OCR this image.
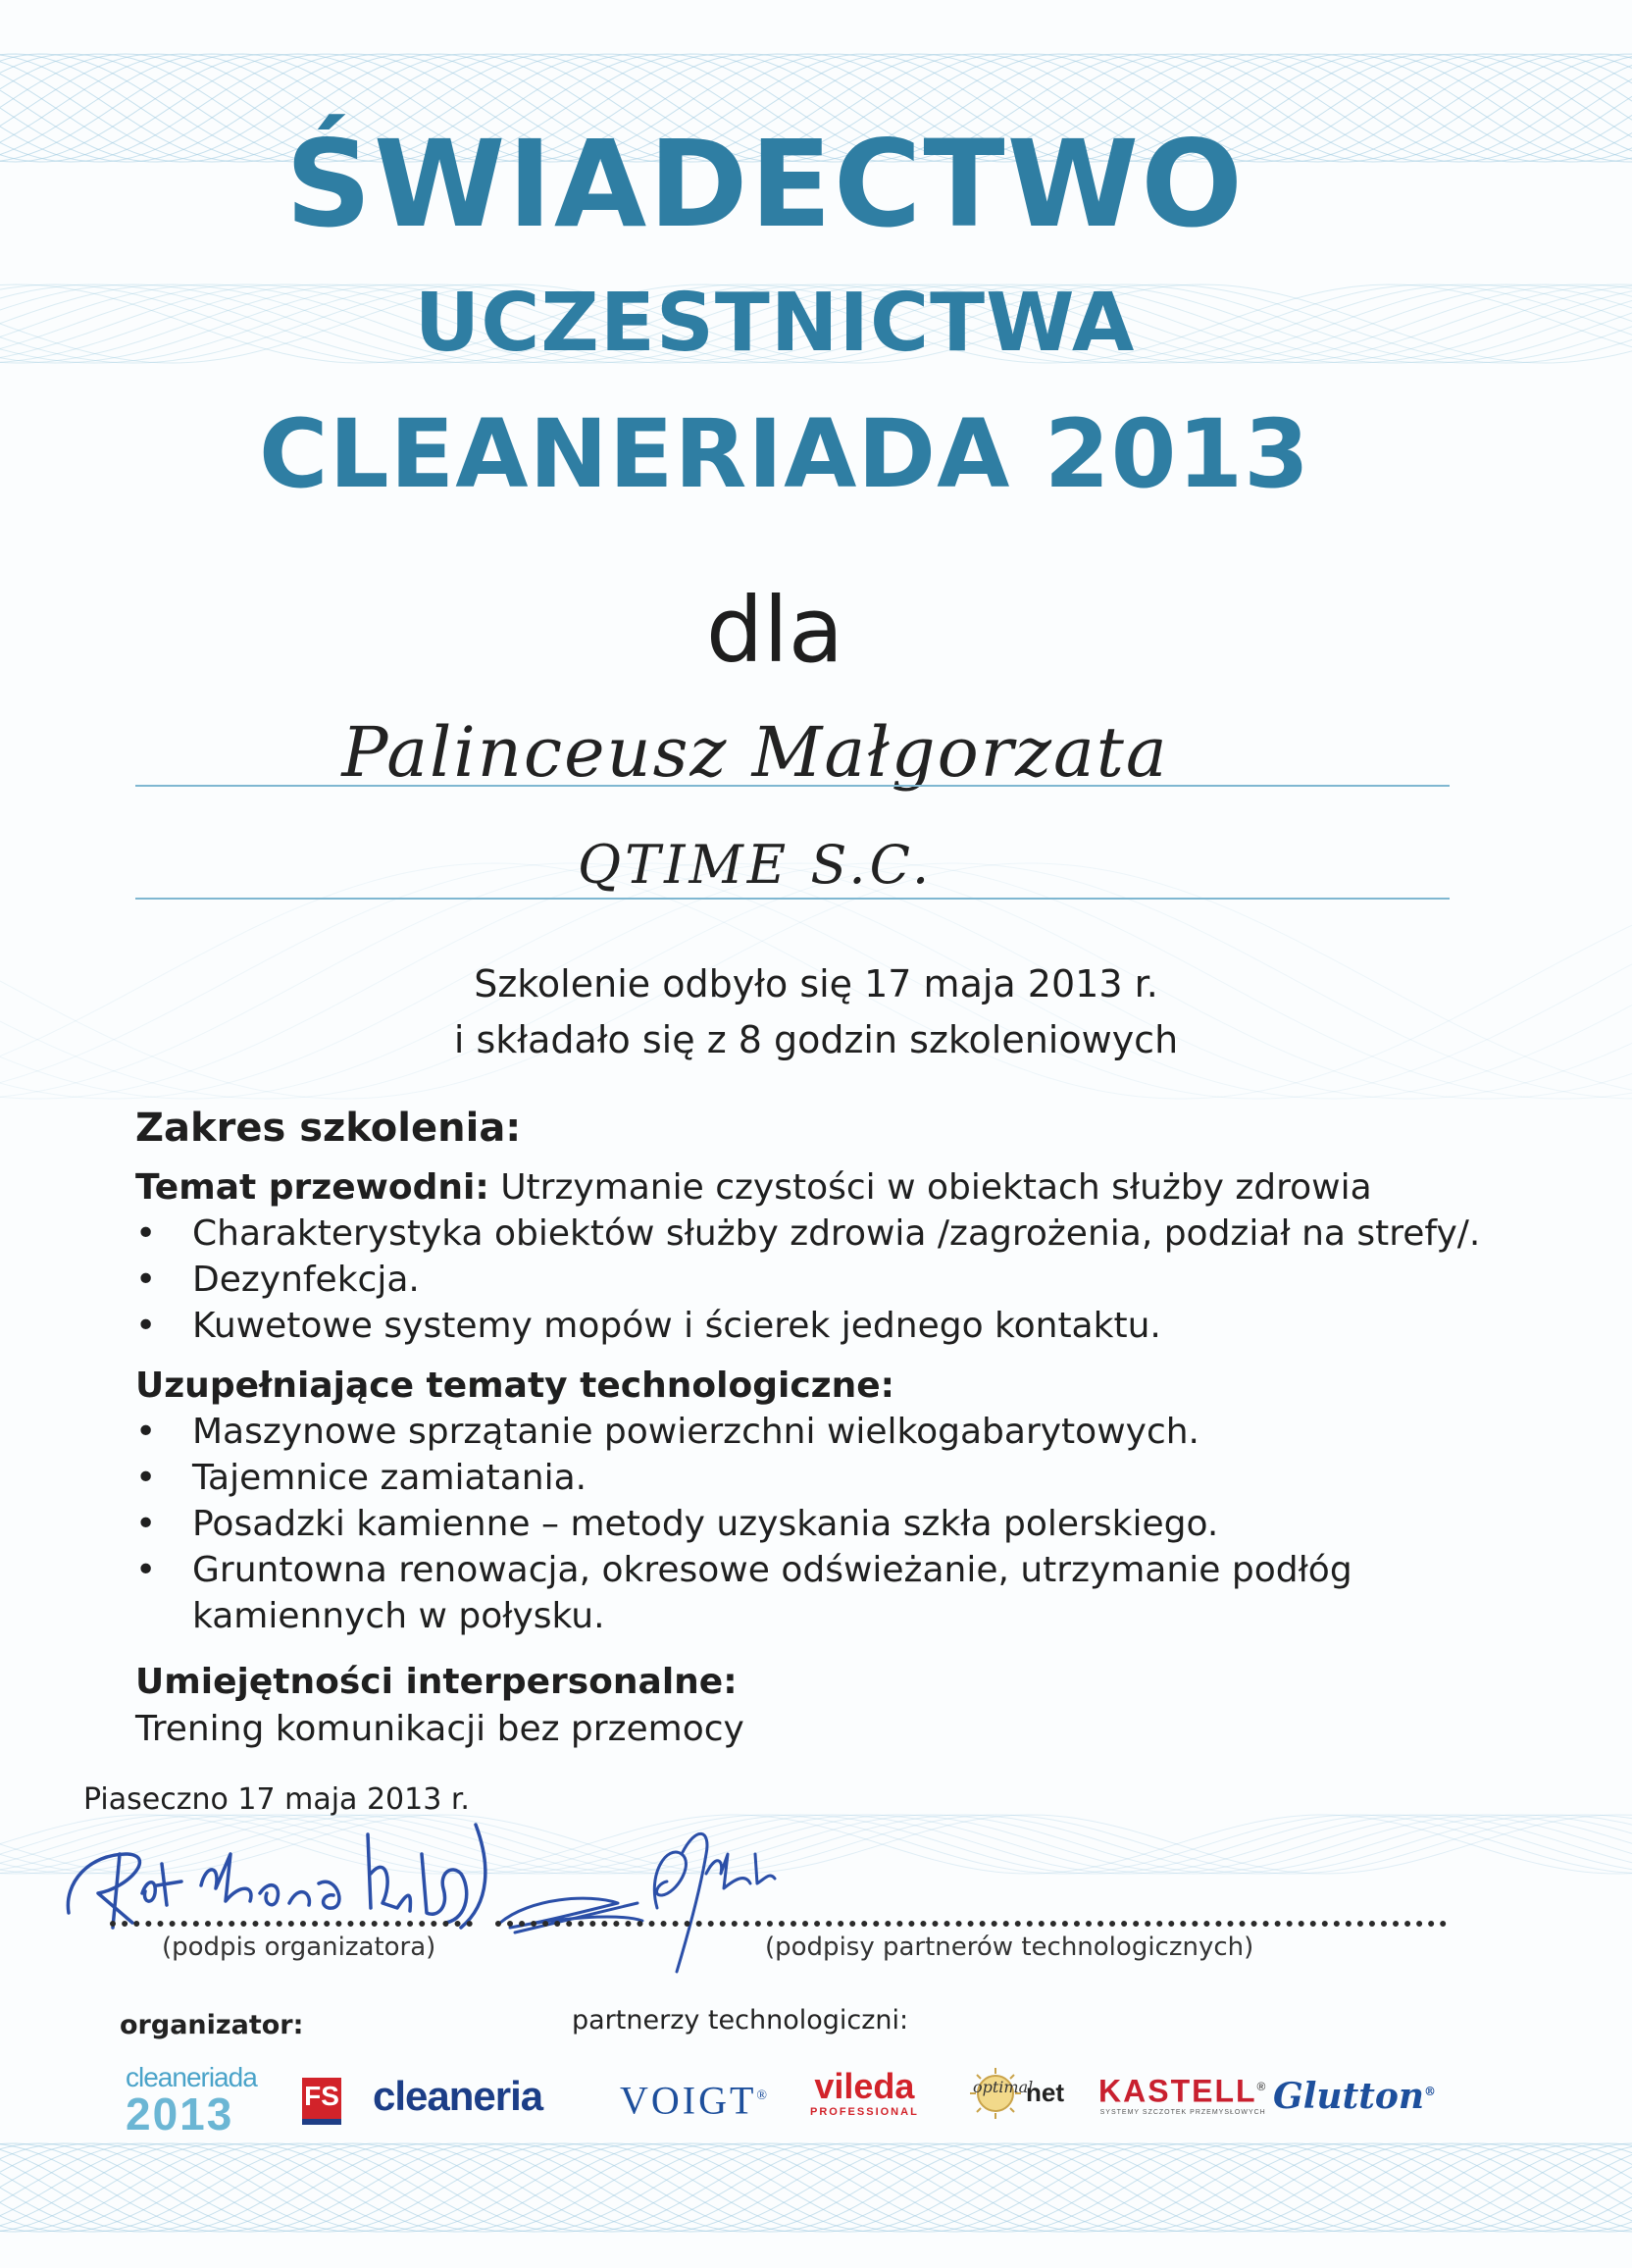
ŚWIADECTWO
UCZESTNICTWA
CLEANERIADA 2013
dla
Palinceusz Małgorzata
QTIME S.C.
Szkolenie odbyło się 17 maja 2013 r.
i składało się z 8 godzin szkoleniowych
Zakres szkolenia:
Temat przewodni: Utrzymanie czystości w obiektach służby zdrowia
• Charakterystyka obiektów służby zdrowia /zagrożenia, podział na strefy/.
• Dezynfekcja.
• Kuwetowe systemy mopów i ścierek jednego kontaktu.
Uzupełniające tematy technologiczne:
• Maszynowe sprzątanie powierzchni wielkogabarytowych.
• Tajemnice zamiatania.
• Posadzki kamienne – metody uzyskania szkła polerskiego.
• Gruntowna renowacja, okresowe odświeżanie, utrzymanie podłóg
kamiennych w połysku.
Umiejętności interpersonalne:
Trening komunikacji bez przemocy
Piaseczno 17 maja 2013 r.
(podpis organizatora)	(podpisy partnerów technologicznych)
organizator:	partnerzy technologiczni:
cleaneriada
2013	FS cleaneria VOIGT® vileda
PROFESSIONAL
optimal
net KASTELL®
SYSTEMY SZCZOTEK PRZEMYSŁOWYCH Glutton®
